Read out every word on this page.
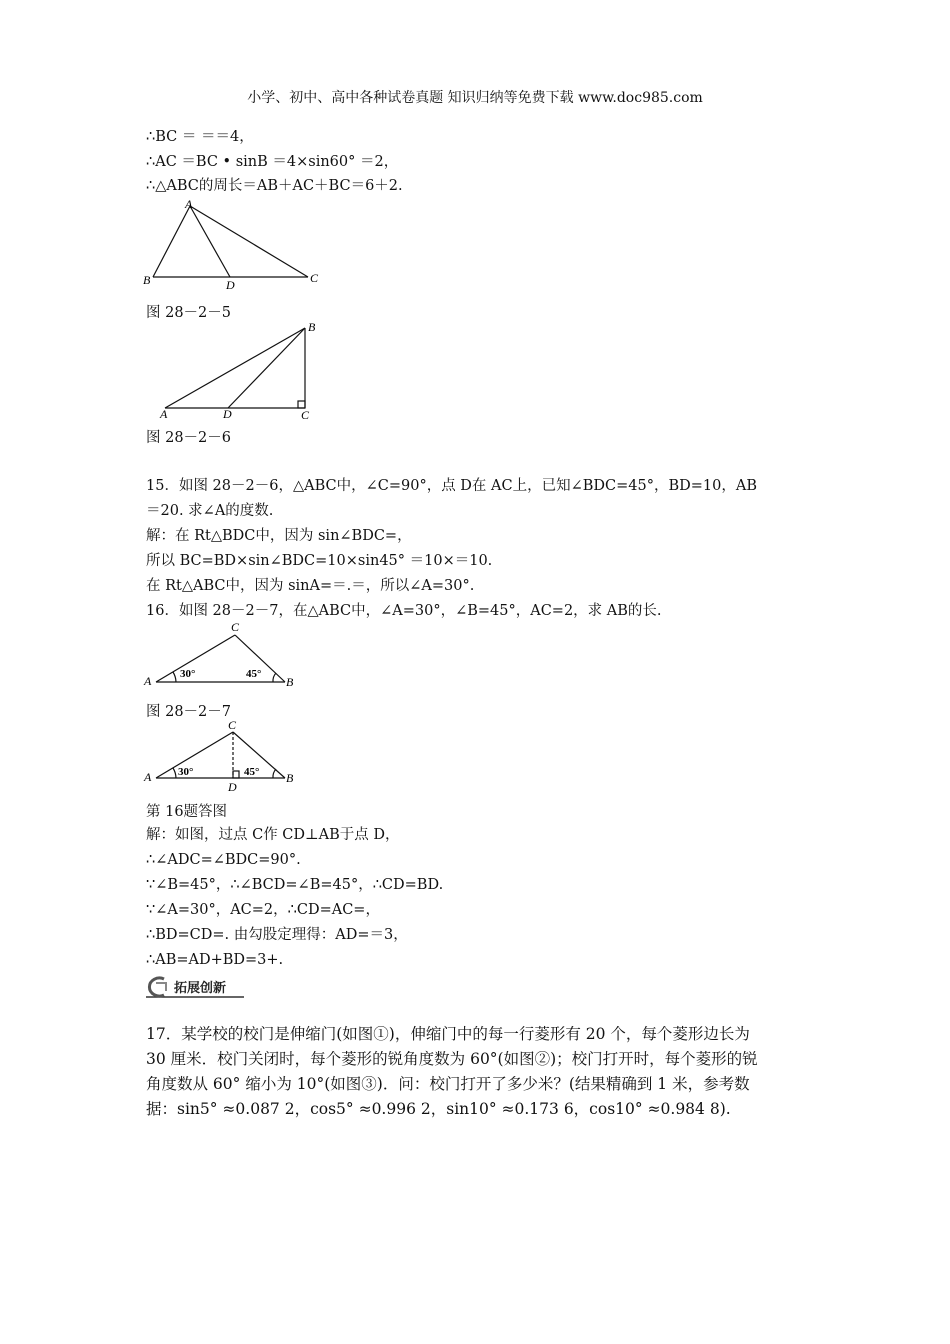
小学、初中、高中各种试卷真题 知识归纳等免费下载 www.doc985.com
∴BC ＝ ＝＝4，
∴AC ＝BC • sinB ＝4×sin60° ＝2，
∴△ABC的周长＝AB＋AC＋BC＝6＋2.
A
B	C
D
图 28－2－5
B
A	D	C
图 28－2－6
15．如图 28－2－6，△ABC中，∠C=90°，点 D在 AC上，已知∠BDC=45°，BD=10，AB
＝20. 求∠A的度数.
解：在 Rt△BDC中，因为 sin∠BDC=，
所以 BC=BD×sin∠BDC=10×sin45° ＝10×＝10.
在 Rt△ABC中，因为 sinA=＝.＝，所以∠A=30°.
16．如图 28－2－7，在△ABC中，∠A=30°，∠B=45°，AC=2，求 AB的长.
C
A	B
30°	45°
图 28－2－7
C
A	B
D
30°	45°
第 16题答图
解：如图，过点 C作 CD⊥AB于点 D，
∴∠ADC=∠BDC=90°.
∵∠B=45°，∴∠BCD=∠B=45°，∴CD=BD.
∵∠A=30°，AC=2，∴CD=AC=，
∴BD=CD=. 由勾股定理得：AD=＝3，
∴AB=AD+BD=3+.
拓展创新
17．某学校的校门是伸缩门(如图①)，伸缩门中的每一行菱形有 20 个，每个菱形边长为
30 厘米．校门关闭时，每个菱形的锐角度数为 60°(如图②)；校门打开时，每个菱形的锐
角度数从 60° 缩小为 10°(如图③)．问：校门打开了多少米？(结果精确到 1 米，参考数
据：sin5° ≈0.087 2，cos5° ≈0.996 2，sin10° ≈0.173 6，cos10° ≈0.984 8).
